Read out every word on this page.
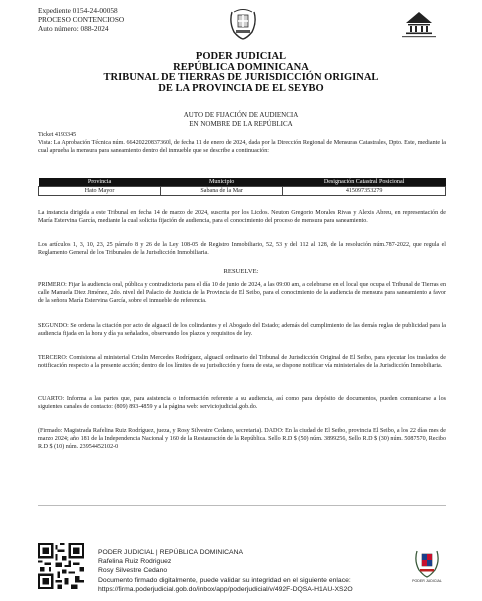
Expediente 0154-24-00058
PROCESO CONTENCIOSO
Auto número: 088-2024
PODER JUDICIAL
REPÚBLICA DOMINICANA
TRIBUNAL DE TIERRAS DE JURISDICCIÓN ORIGINAL
DE LA PROVINCIA DE EL SEYBO
AUTO DE FIJACIÓN DE AUDIENCIA
EN NOMBRE DE LA REPÚBLICA
Ticket 4193345
Vista: La Aprobación Técnica núm. 66420220837360l, de fecha 11 de enero de 2024, dada por la Dirección Regional de Mensuras Catastrales, Dpto. Este, mediante la cual aprueba la mensura para saneamiento dentro del inmueble que se describe a continuación:
Provincia	Municipio	Designación Catastral Posicional
Hato Mayor	Sabana de la Mar	415097353279
La instancia dirigida a este Tribunal en fecha 14 de marzo de 2024, suscrita por los Licdos. Neuton Gregorio Morales Rivas y Alexis Abreu, en representación de María Estervina García, mediante la cual solicita fijación de audiencia, para el conocimiento del proceso de mensura para saneamiento.
Los artículos 1, 3, 10, 23, 25 párrafo 8 y 26 de la Ley 108-05 de Registro Inmobiliario, 52, 53 y del 112 al 128, de la resolución núm.787-2022, que regula el Reglamento General de los Tribunales de la Jurisdicción Inmobiliaria.
RESUELVE:
PRIMERO: Fijar la audiencia oral, pública y contradictoria para el día 10 de junio de 2024, a las 09:00 am, a celebrarse en el local que ocupa el Tribunal de Tierras en calle Manuela Diez Jiménez, 2do. nivel del Palacio de Justicia de la Provincia de El Seibo, para el conocimiento de la audiencia de mensura para saneamiento a favor de la señora María Estervina García, sobre el inmueble de referencia.
SEGUNDO: Se ordena la citación por acto de alguacil de los colindantes y el Abogado del Estado; además del cumplimiento de las demás reglas de publicidad para la audiencia fijada en la hora y día ya señalados, observando los plazos y requisitos de ley.
TERCERO: Comisiona al ministerial Crislin Mercedes Rodríguez, alguacil ordinario del Tribunal de Jurisdicción Original de El Seibo, para ejecutar los traslados de notificación respecto a la presente acción; dentro de los límites de su jurisdicción y fuera de esta, se dispone notificar vía ministeriales de la Jurisdicción Inmobiliaria.
CUARTO: Informa a las partes que, para asistencia o información referente a su audiencia, así como para depósito de documentos, pueden comunicarse a los siguientes canales de contacto: (809) 893-4859 y a la página web: serviciojudicial.gob.do.
(Firmado: Magistrada Rafelina Ruiz Rodríguez, jueza, y Rosy Silvestre Cedano, secretaria). DADO: En la ciudad de El Seibo, provincia El Seibo, a los 22 días mes de marzo 2024; año 181 de la Independencia Nacional y 160 de la Restauración de la República. Sello R.D $ (50) núm. 3899256, Sello R.D $ (30) núm. 5087570, Recibo R.D $ (10) núm. 23954452102-0
PODER JUDICIAL | REPÚBLICA DOMINICANA
Rafelina Ruiz Rodriguez
Rosy Silvestre Cedano
Documento firmado digitalmente, puede validar su integridad en el siguiente enlace:
https://firma.poderjudicial.gob.do/inbox/app/poderjudicial/v/492F-DQSA-H1AU-XS2O
PODER JUDICIAL
